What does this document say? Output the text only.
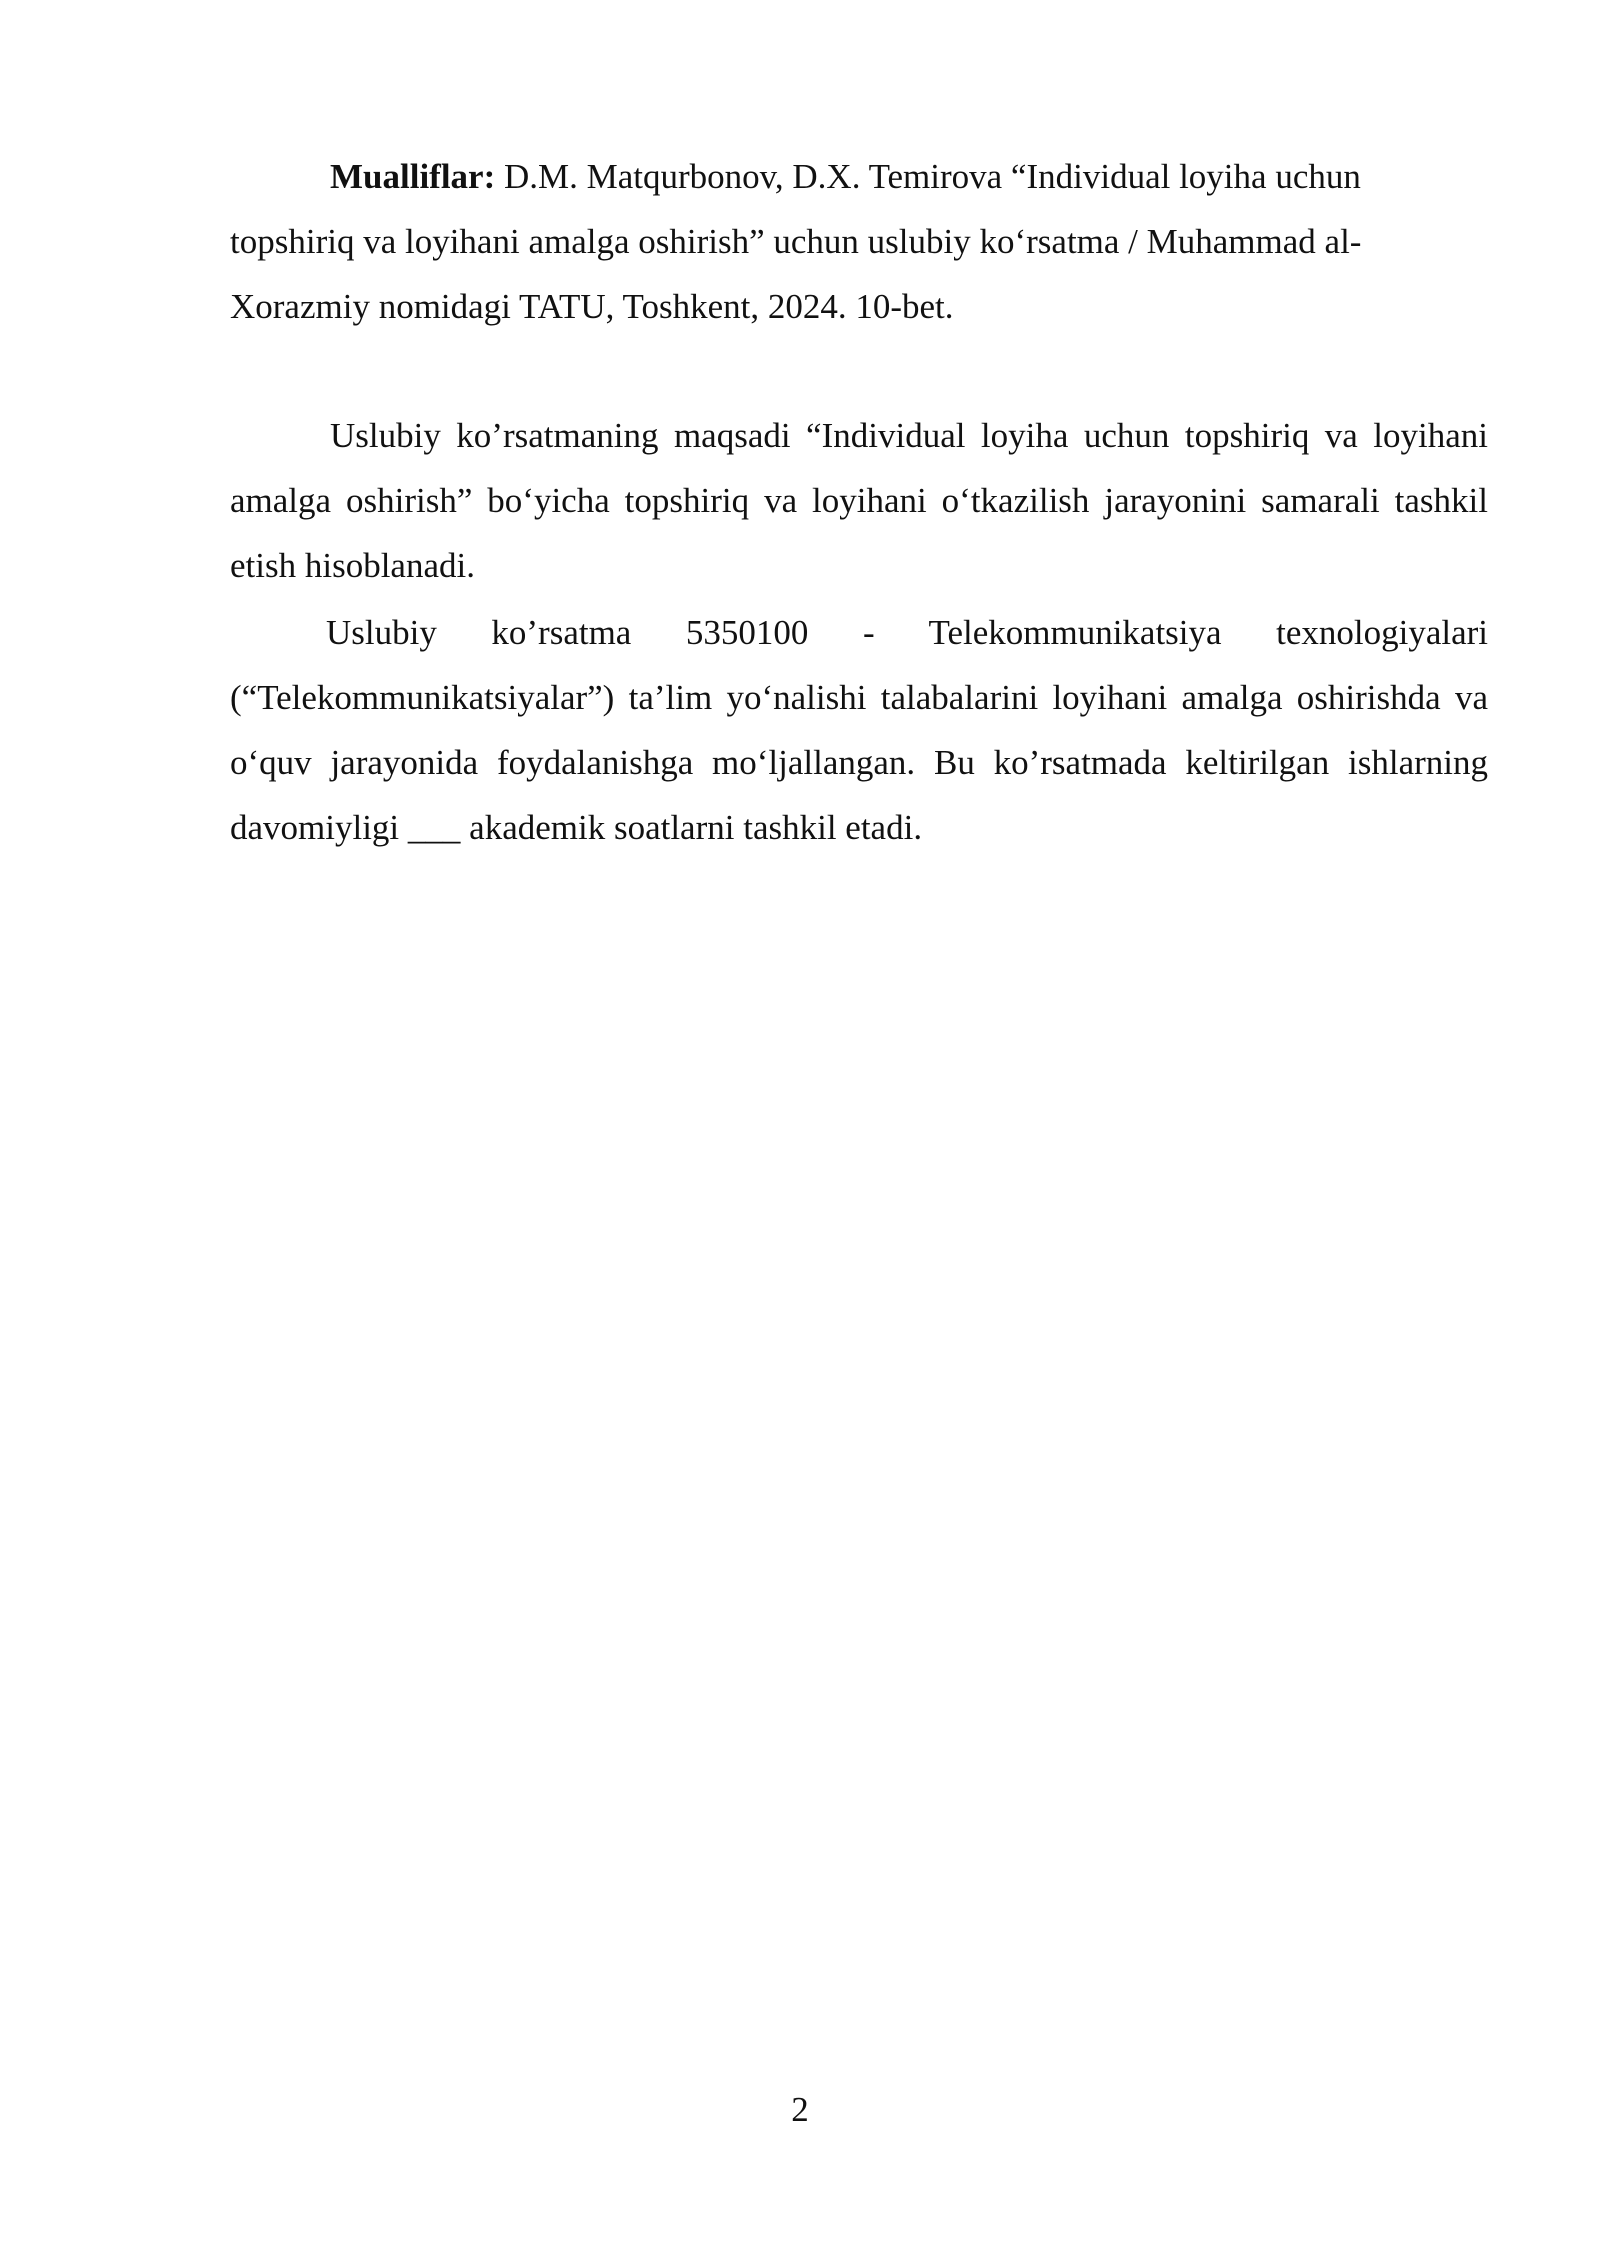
Mualliflar: D.M. Matqurbonov, D.X. Temirova “Individual loyiha uchun topshiriq va loyihani amalga oshirish” uchun uslubiy ko‘rsatma / Muhammad al-Xorazmiy nomidagi TATU, Toshkent, 2024. 10-bet.

Uslubiy ko’rsatmaning maqsadi “Individual loyiha uchun topshiriq va loyihani amalga oshirish” bo‘yicha topshiriq va loyihani o‘tkazilish jarayonini samarali tashkil etish hisoblanadi.

Uslubiy ko’rsatma 5350100 - Telekommunikatsiya texnologiyalari (“Telekommunikatsiyalar”) ta’lim yo‘nalishi talabalarini loyihani amalga oshirishda va o‘quv jarayonida foydalanishga mo‘ljallangan. Bu ko’rsatmada keltirilgan ishlarning davomiyligi ___ akademik soatlarni tashkil etadi.

2
